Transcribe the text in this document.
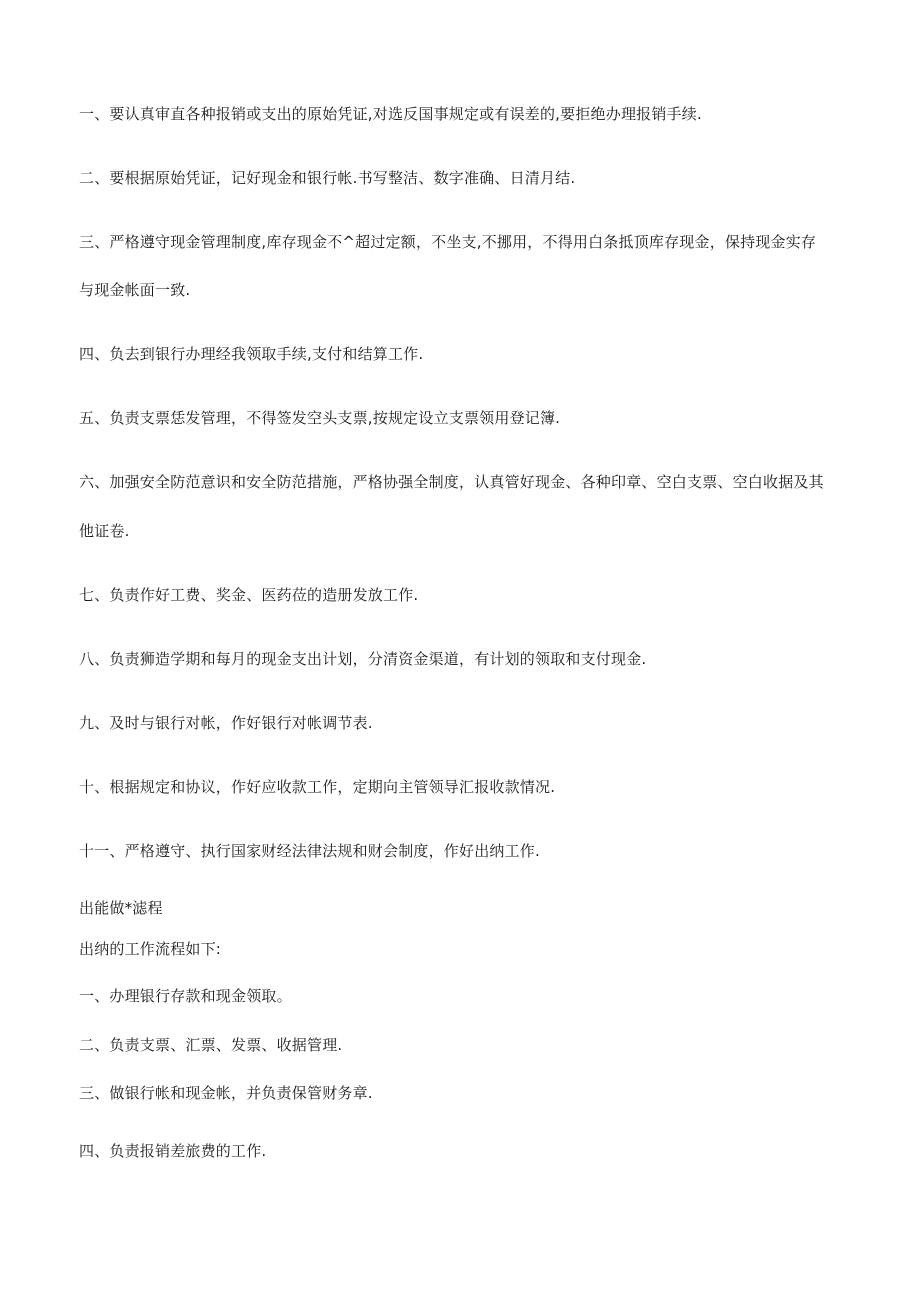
一、要认真审直各种报销或支出的原始凭证,对选反国事规定或有误差的,要拒绝办理报销手续.
二、要根据原始凭证，记好现金和银行帐.书写整洁、数字准确、日清月结.
三、严格遵守现金管理制度,库存现金不^超过定额，不坐支,不挪用，不得用白条抵顶库存现金，保持现金实存
与现金帐面一致.
四、负去到银行办理经我领取手续,支付和结算工作.
五、负责支票恁发管理，不得签发空头支票,按规定设立支票领用登记簿.
六、加强安全防范意识和安全防范措施，严格协强全制度，认真管好现金、各种印章、空白支票、空白收据及其
他证卷.
七、负责作好工费、奖金、医药莅的造册发放工作.
八、负责狮造学期和每月的现金支出计划，分清资金渠道，有计划的领取和支付现金.
九、及时与银行对帐，作好银行对帐调节表.
十、根据规定和协议，作好应收款工作，定期向主管领导汇报收款情况.
十一、严格遵守、执行国家财经法律法规和财会制度，作好出纳工作.
出能做*滤程
出纳的工作流程如下:
一、办理银行存款和现金领取。
二、负责支票、汇票、发票、收据管理.
三、做银行帐和现金帐，并负责保管财务章.
四、负责报销差旅费的工作.
